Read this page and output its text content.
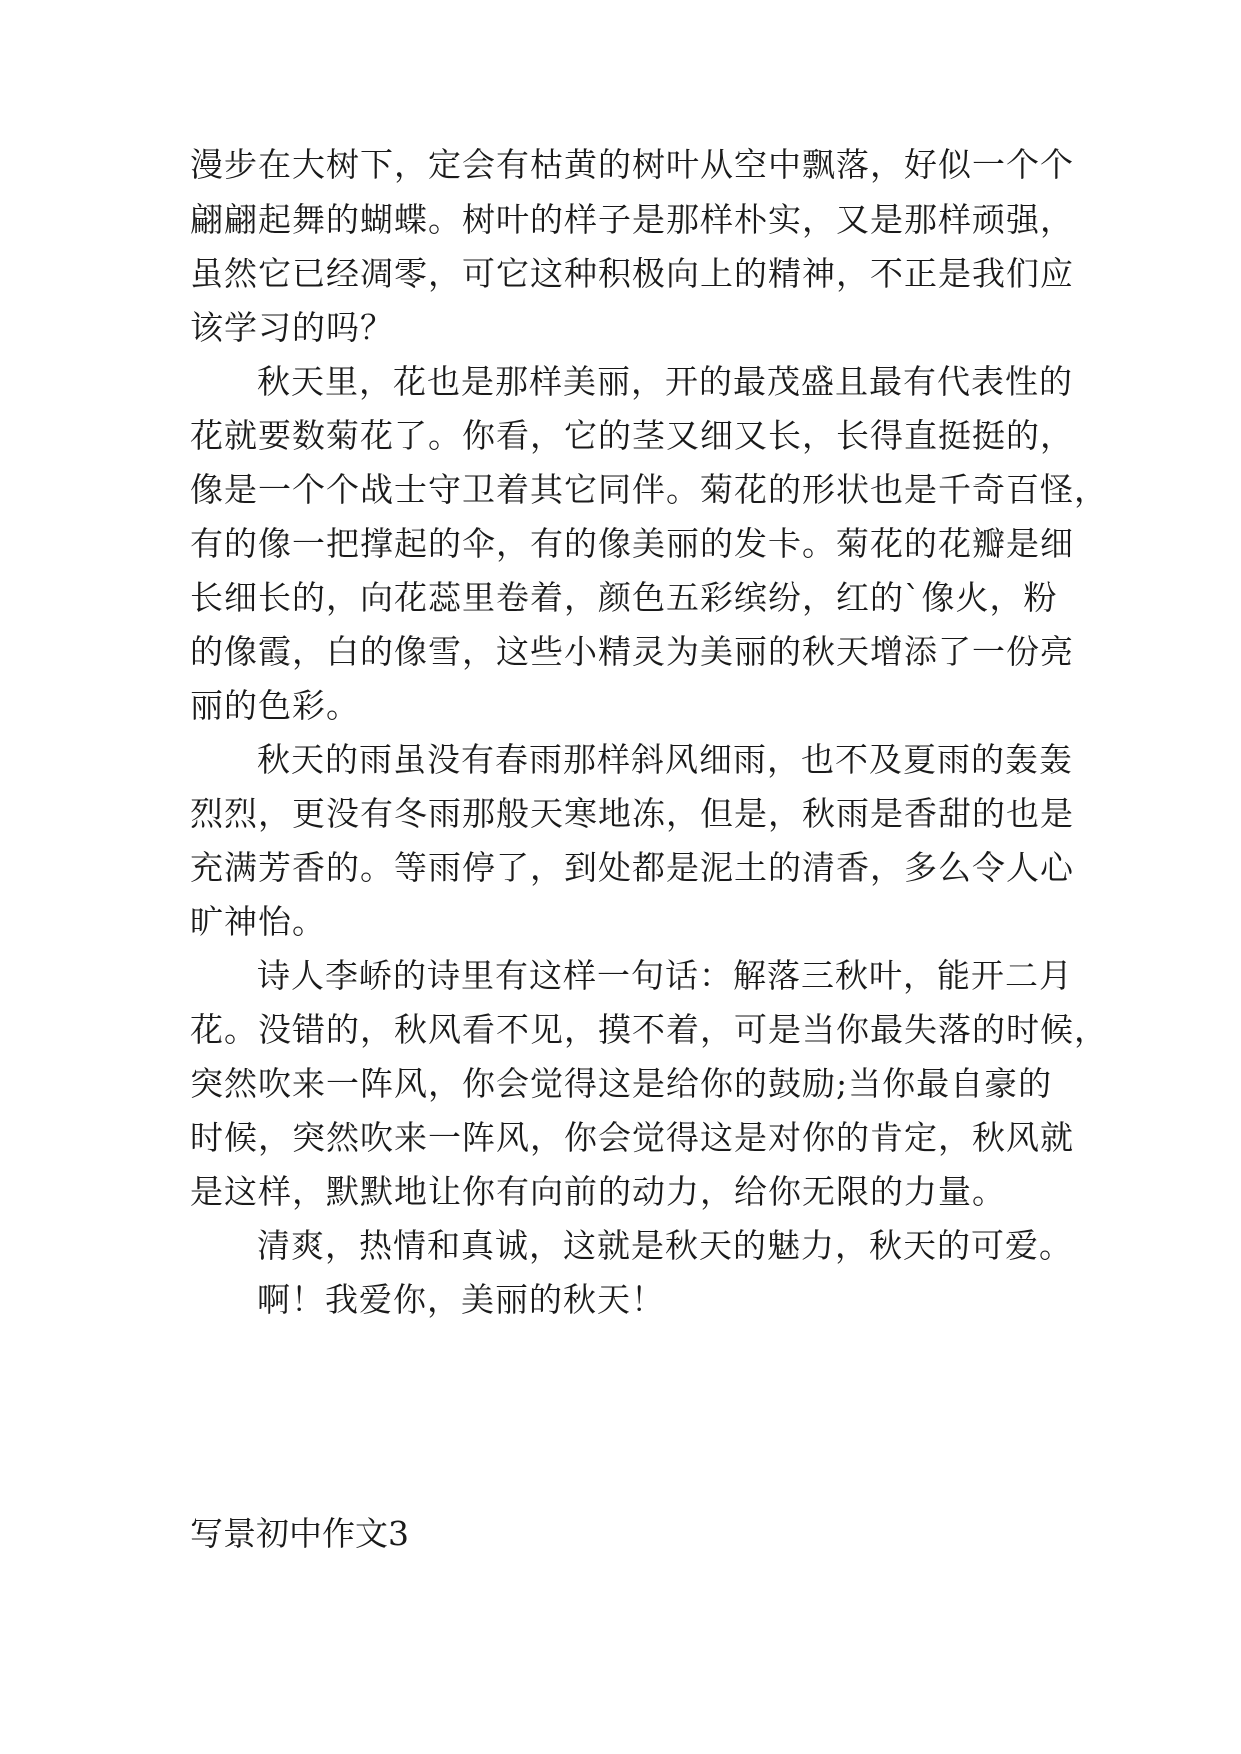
漫步在大树下，定会有枯黄的树叶从空中飘落，好似一个个
翩翩起舞的蝴蝶。树叶的样子是那样朴实，又是那样顽强，
虽然它已经凋零，可它这种积极向上的精神，不正是我们应
该学习的吗？
秋天里，花也是那样美丽，开的最茂盛且最有代表性的
花就要数菊花了。你看，它的茎又细又长，长得直挺挺的，
像是一个个战士守卫着其它同伴。菊花的形状也是千奇百怪，
有的像一把撑起的伞，有的像美丽的发卡。菊花的花瓣是细
长细长的，向花蕊里卷着，颜色五彩缤纷，红的`像火，粉
的像霞，白的像雪，这些小精灵为美丽的秋天增添了一份亮
丽的色彩。
秋天的雨虽没有春雨那样斜风细雨，也不及夏雨的轰轰
烈烈，更没有冬雨那般天寒地冻，但是，秋雨是香甜的也是
充满芳香的。等雨停了，到处都是泥土的清香，多么令人心
旷神怡。
诗人李峤的诗里有这样一句话：解落三秋叶，能开二月
花。没错的，秋风看不见，摸不着，可是当你最失落的时候，
突然吹来一阵风，你会觉得这是给你的鼓励;当你最自豪的
时候，突然吹来一阵风，你会觉得这是对你的肯定，秋风就
是这样，默默地让你有向前的动力，给你无限的力量。
清爽，热情和真诚，这就是秋天的魅力，秋天的可爱。
啊！我爱你，美丽的秋天！
写景初中作文3
